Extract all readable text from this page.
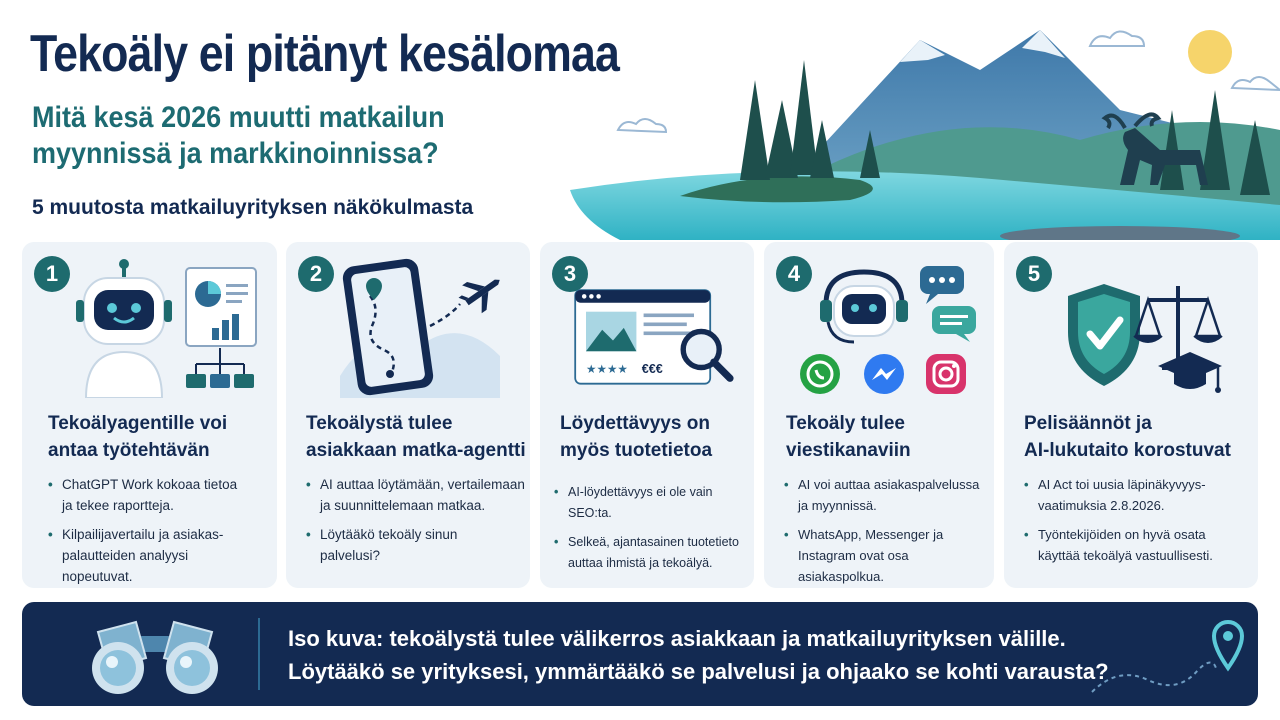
Tekoäly ei pitänyt kesälomaa
Mitä kesä 2026 muutti matkailun
myynnissä ja markkinoinnissa?
5 muutosta matkailuyrityksen näkökulmasta
1
Tekoälyagentille voi
antaa työtehtävän
• ChatGPT Work kokoaa tietoa
ja tekee raportteja.
• Kilpailijavertailu ja asiakas-
palautteiden analyysi
nopeutuvat.
2
Tekoälystä tulee
asiakkaan matka-agentti
• AI auttaa löytämään, vertailemaan
ja suunnittelemaan matkaa.
• Löytääkö tekoäly sinun
palvelusi?
3
★★★★ €€€
Löydettävyys on
myös tuotetietoa
• AI-löydettävyys ei ole vain SEO:ta.
• Selkeä, ajantasainen tuotetieto
auttaa ihmistä ja tekoälyä.
4
Tekoäly tulee
viestikanaviin
• AI voi auttaa asiakaspalvelussa
ja myynnissä.
• WhatsApp, Messenger ja
Instagram ovat osa asiakaspolkua.
5
Pelisäännöt ja
AI-lukutaito korostuvat
• AI Act toi uusia läpinäkyvyys-
vaatimuksia 2.8.2026.
• Työntekijöiden on hyvä osata
käyttää tekoälyä vastuullisesti.
Iso kuva: tekoälystä tulee välikerros asiakkaan ja matkailuyrityksen välille.
Löytääkö se yrityksesi, ymmärtääkö se palvelusi ja ohjaako se kohti varausta?
